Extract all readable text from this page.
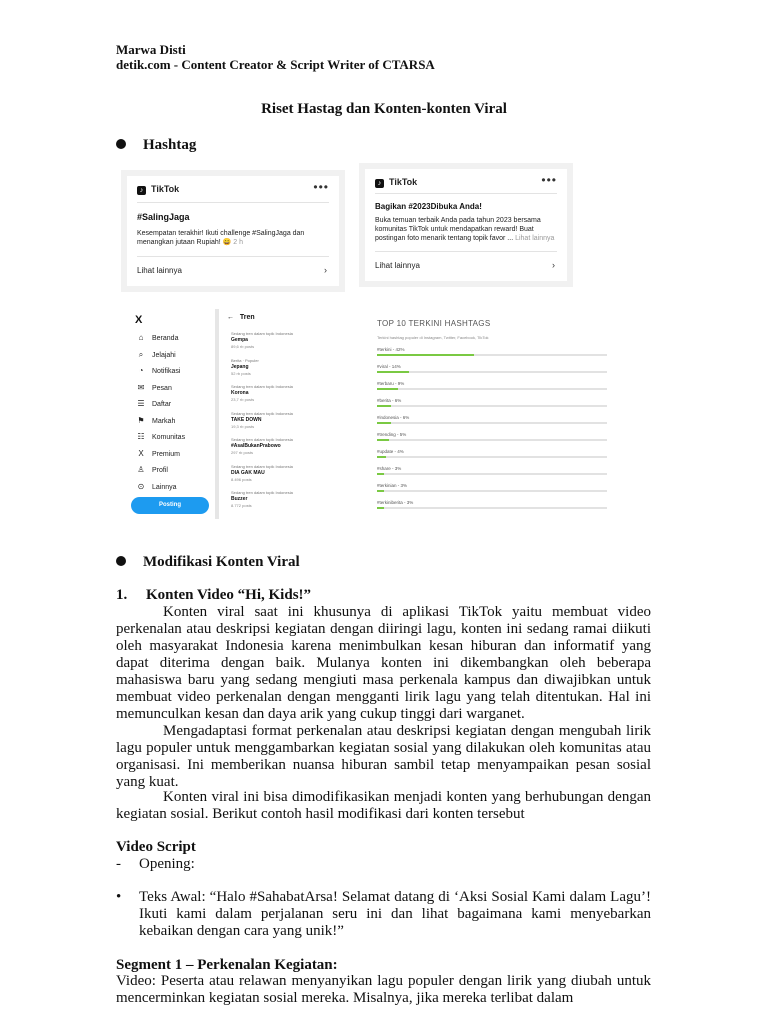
Marwa Disti
detik.com - Content Creator & Script Writer of CTARSA
Riset Hastag dan Konten-konten Viral
Hashtag
♪ TikTok	•••
#SalingJaga
Kesempatan terakhir! Ikuti challenge #SalingJaga dan
menangkan jutaan Rupiah! 😄 2 h
Lihat lainnya	›
♪ TikTok	•••
Bagikan #2023Dibuka Anda!
Buka temuan terbaik Anda pada tahun 2023 bersama
komunitas TikTok untuk mendapatkan reward! Buat
postingan foto menarik tentang topik favor ... Lihat lainnya
Lihat lainnya	›
X
⌂ Beranda
⌕ Jelajahi
◔ Notifikasi
✉ Pesan
☰ Daftar
⚑ Markah
☷ Komunitas
X Premium
♙ Profil
⊙ Lainnya
Posting
← Tren
Sedang tren dalam topik Indonesia
Gempa
89,6 rb posts
Berita · Populer
Jepang
52 rb posts
Sedang tren dalam topik Indonesia
Korona
23,7 rb posts
Sedang tren dalam topik Indonesia
TAKE DOWN
19,3 rb posts
Sedang tren dalam topik Indonesia
#AsalBukanPrabowo
297 rb posts
Sedang tren dalam topik Indonesia
DIA GAK MAU
8.496 posts
Sedang tren dalam topik Indonesia
Buzzer
8.772 posts
TOP 10 TERKINI HASHTAGS
Terkini hashtag populer di Instagram, Twitter, Facebook, TikTok
#terkini - 42%
#viral - 14%
#terbaru - 9%
#berita - 6%
#indonesia - 6%
#trending - 5%
#update - 4%
#share - 3%
#terkinian - 3%
#terkiniberita - 3%
Modifikasi Konten Viral
1.     Konten Video “Hi, Kids!”
Konten viral saat ini khusunya di aplikasi TikTok yaitu membuat video perkenalan atau deskripsi kegiatan dengan diiringi lagu, konten ini sedang ramai diikuti oleh masyarakat Indonesia karena menimbulkan kesan hiburan dan informatif yang dapat diterima dengan baik. Mulanya konten ini dikembangkan oleh beberapa mahasiswa baru yang sedang mengiuti masa perkenala kampus dan diwajibkan untuk membuat video perkenalan dengan mengganti lirik lagu yang telah ditentukan. Hal ini memunculkan kesan dan daya arik yang cukup tinggi dari warganet.
Mengadaptasi format perkenalan atau deskripsi kegiatan dengan mengubah lirik lagu populer untuk menggambarkan kegiatan sosial yang dilakukan oleh komunitas atau organisasi. Ini memberikan nuansa hiburan sambil tetap menyampaikan pesan sosial yang kuat.
Konten viral ini bisa dimodifikasikan menjadi konten yang berhubungan dengan kegiatan sosial. Berikut contoh hasil modifikasi dari konten tersebut
Video Script
- Opening:
• Teks Awal: “Halo #SahabatArsa! Selamat datang di ‘Aksi Sosial Kami dalam Lagu’! Ikuti kami dalam perjalanan seru ini dan lihat bagaimana kami menyebarkan kebaikan dengan cara yang unik!”
Segment 1 – Perkenalan Kegiatan:
Video: Peserta atau relawan menyanyikan lagu populer dengan lirik yang diubah untuk mencerminkan kegiatan sosial mereka. Misalnya, jika mereka terlibat dalam
